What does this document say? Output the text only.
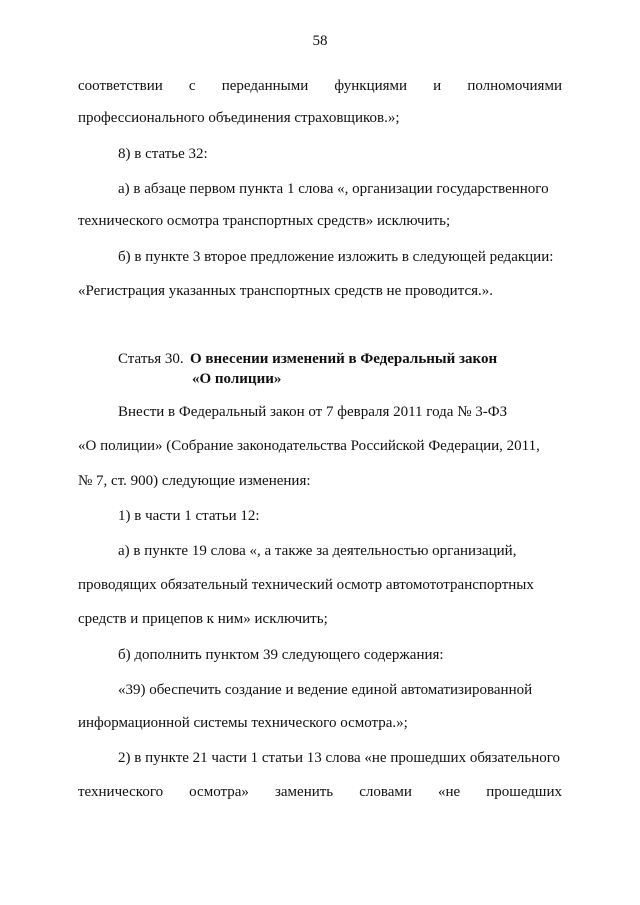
58
соответствии с переданными функциями и полномочиями
профессионального объединения страховщиков.»;
8) в статье 32:
а) в абзаце первом пункта 1 слова «, организации государственного
технического осмотра транспортных средств» исключить;
б) в пункте 3 второе предложение изложить в следующей редакции:
«Регистрация указанных транспортных средств не проводится.».
Статья 30. О внесении изменений в Федеральный закон
«О полиции»
Внести в Федеральный закон от 7 февраля 2011 года № 3-ФЗ
«О полиции» (Собрание законодательства Российской Федерации, 2011,
№ 7, ст. 900) следующие изменения:
1) в части 1 статьи 12:
а) в пункте 19 слова «, а также за деятельностью организаций,
проводящих обязательный технический осмотр автомототранспортных
средств и прицепов к ним» исключить;
б) дополнить пунктом 39 следующего содержания:
«39) обеспечить создание и ведение единой автоматизированной
информационной системы технического осмотра.»;
2) в пункте 21 части 1 статьи 13 слова «не прошедших обязательного
технического осмотра» заменить словами «не прошедших
